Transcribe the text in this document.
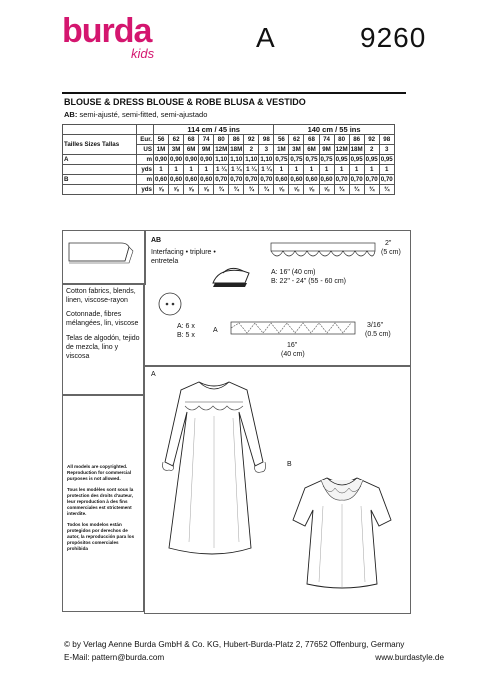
burda
kids
A	9260
BLOUSE & DRESS BLOUSE & ROBE BLUSA & VESTIDO
AB: semi-ajusté, semi-fitted, semi-ajustado
		114 cm / 45 ins								140 cm / 55 ins							
Tailles Sizes Tallas	Eur.	56	62	68	74	80	86	92	98	56	62	68	74	80	86	92	98
	US	1M	3M	6M	9M	12M	18M	2	3	1M	3M	6M	9M	12M	18M	2	3
A	m	0,90	0,90	0,90	0,90	1,10	1,10	1,10	1,10	0,75	0,75	0,75	0,75	0,95	0,95	0,95	0,95
	yds	1	1	1	1	1 ¼	1 ¼	1 ¼	1 ¼	1	1	1	1	1	1	1	1
B	m	0,60	0,60	0,60	0,60	0,70	0,70	0,70	0,70	0,60	0,60	0,60	0,60	0,70	0,70	0,70	0,70
	yds	⅝	⅝	⅝	⅝	¾	¾	¾	¾	⅝	⅝	⅝	⅝	¾	¾	¾	¾
Cotton fabrics, blends, linen, viscose-rayon
Cotonnade, fibres mélangées, lin, viscose
Telas de algodón, tejido de mezcla, lino y viscosa
All models are copyrighted. Reproduction for commercial purposes is not allowed.
Tous les modèles sont sous la protection des droits d'auteur, leur reproduction à des fins commerciales est strictement interdite.
Todos los modelos están protegidos por derechos de autor, la reproducción para los propósitos comerciales prohibida
AB
Interfacing • triplure •
entretela
A: 6 x
B: 5 x
A: 16" (40 cm)
B: 22" - 24" (55 - 60 cm)
2"
(5 cm)
A
3/16"
(0.5 cm)
16"
(40 cm)
A
B
© by Verlag Aenne Burda GmbH & Co. KG, Hubert-Burda-Platz 2, 77652 Offenburg, Germany
E-Mail: pattern@burda.com	www.burdastyle.de
